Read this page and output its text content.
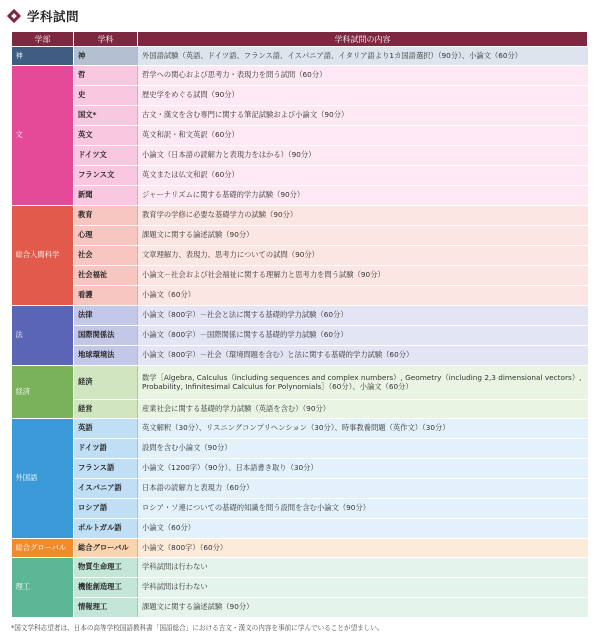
学科試問
学部	学科	学科試問の内容
神	神	外国語試験（英語、ドイツ語、フランス語、イスパニア語、イタリア語より1カ国語選択）（90分）、小論文（60分）
文	哲	哲学への関心および思考力・表現力を問う試問（60分）
	史	歴史学をめぐる試問（90分）
	国文*	古文・漢文を含む専門に関する筆記試験および小論文（90分）
	英文	英文和訳・和文英訳（60分）
	ドイツ文	小論文（日本語の読解力と表現力をはかる）（90分）
	フランス文	英文または仏文和訳（60分）
	新聞	ジャーナリズムに関する基礎的学力試験（90分）
総合人間科学	教育	教育学の学修に必要な基礎学力の試験（90分）
	心理	課題文に関する論述試験（90分）
	社会	文章理解力、表現力、思考力についての試問（90分）
	社会福祉	小論文－社会および社会福祉に関する理解力と思考力を問う試験（90分）
	看護	小論文（60分）
法	法律	小論文（800字）－社会と法に関する基礎的学力試験（60分）
	国際関係法	小論文（800字）－国際関係に関する基礎的学力試験（60分）
	地球環境法	小論文（800字）－社会（環境問題を含む）と法に関する基礎的学力試験（60分）
経済	経済	数学［Algebra, Calculus（including sequences and complex numbers）, Geometry（including 2,3 dimensional vectors）,
Probability, Infinitesimal Calculus for Polynomials］（60分）、小論文（60分）
	経営	産業社会に関する基礎的学力試験（英語を含む）（90分）
外国語	英語	英文解釈（30分）、リスニングコンプリヘンション（30分）、時事教養問題（英作文）（30分）
	ドイツ語	設問を含む小論文（90分）
	フランス語	小論文（1200字）（90分）、日本語書き取り（30分）
	イスパニア語	日本語の読解力と表現力（60分）
	ロシア語	ロシア・ソ連についての基礎的知識を問う設問を含む小論文（90分）
	ポルトガル語	小論文（60分）
総合グローバル	総合グローバル	小論文（800字）（60分）
理工	物質生命理工	学科試問は行わない
	機能創造理工	学科試問は行わない
	情報理工	課題文に関する論述試験（90分）
*国文学科志望者は、日本の高等学校国語教科書「国語総合」における古文・漢文の内容を事前に学んでいることが望ましい。
